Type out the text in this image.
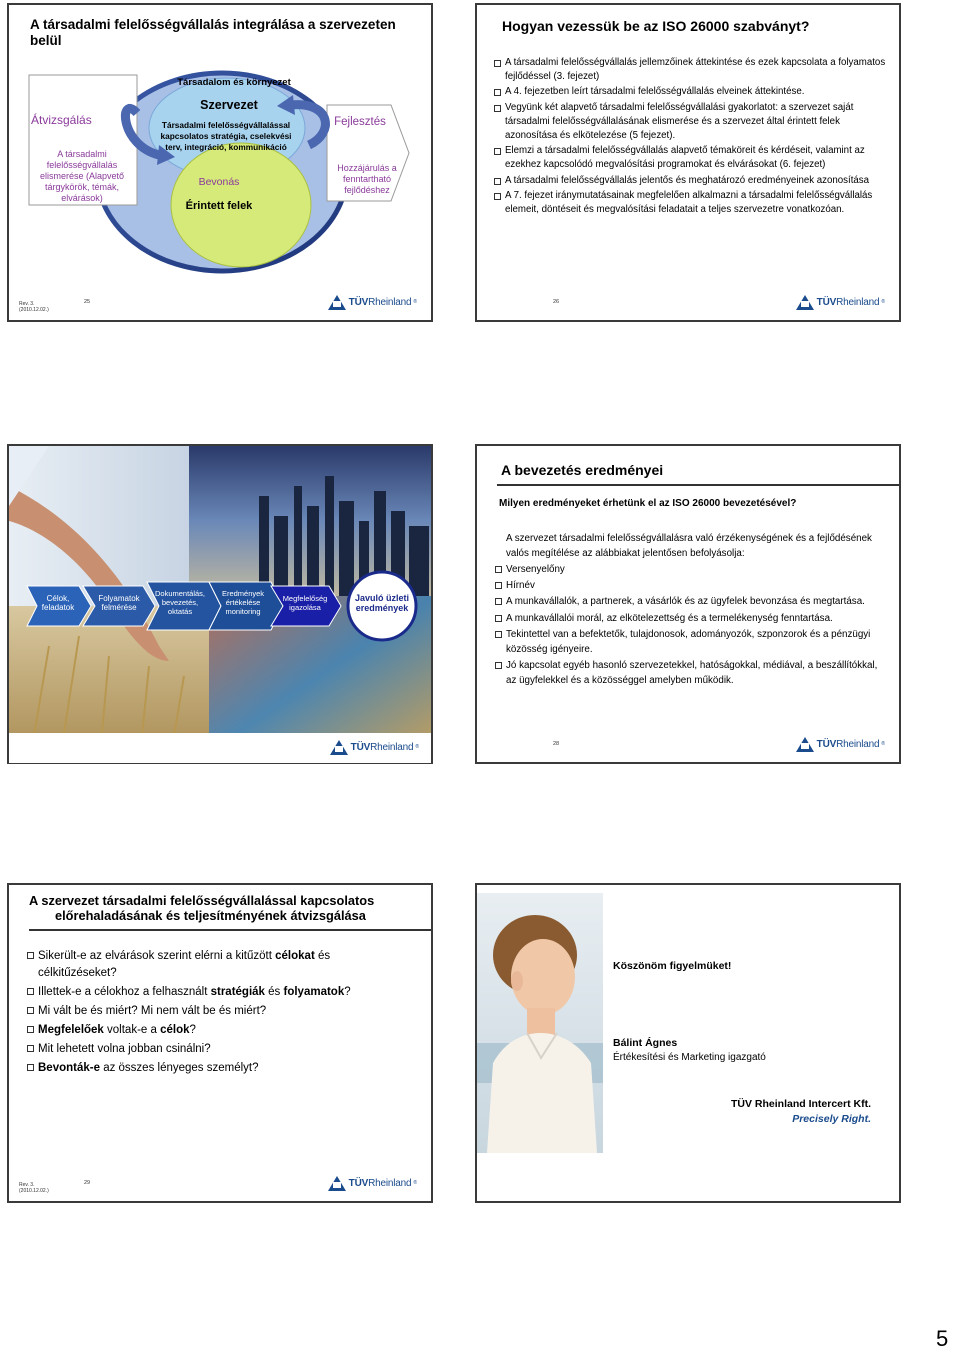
A társadalmi felelősségvállalás integrálása a szervezeten belül
Társadalom és környezet
Szervezet
Társadalmi felelősségvállalással kapcsolatos stratégia, cselekvési terv, integráció, kommunikáció
Bevonás
Érintett felek
Átvizsgálás
A társadalmi felelősségvállalás elismerése (Alapvető tárgykörök, témák, elvárások)
Fejlesztés
Hozzájárulás a fenntartható fejlődéshez
Rev. 3.
(2010.12.02.)
25	TÜVRheinland ®
Hogyan vezessük be az ISO 26000 szabványt?
A társadalmi felelősségvállalás jellemzőinek áttekintése és ezek kapcsolata a folyamatos fejlődéssel (3. fejezet)
A 4. fejezetben leírt társadalmi felelősségvállalás elveinek áttekintése.
Vegyünk két alapvető társadalmi felelősségvállalási gyakorlatot: a szervezet saját társadalmi felelősségvállalásának elismerése és a szervezet által érintett felek azonosítása és elkötelezése (5 fejezet).
Elemzi a társadalmi felelősségvállalás alapvető témaköreit és kérdéseit, valamint az ezekhez kapcsolódó megvalósítási programokat és elvárásokat (6. fejezet)
A társadalmi felelősségvállalás jelentős és meghatározó eredményeinek azonosítása
A 7. fejezet iránymutatásainak megfelelően alkalmazni a társadalmi felelősségvállalás elemeit, döntéseit és megvalósítási feladatait a teljes szervezetre vonatkozóan.
26	TÜVRheinland ®
Célok, feladatok
Folyamatok felmérése
Dokumentálás, bevezetés, oktatás
Eredmények értékelése monitoring
Megfelelőség igazolása
Javuló üzleti eredmények
A bevezetés eredményei
Milyen eredményeket érhetünk el az ISO 26000 bevezetésével?
A szervezet társadalmi felelősségvállalásra való érzékenységének és a fejlődésének valós megítélése az alábbiakat jelentősen befolyásolja:
Versenyelőny
Hírnév
A munkavállalók, a partnerek, a vásárlók és az ügyfelek bevonzása és megtartása.
A munkavállalói morál, az elkötelezettség és a termelékenység fenntartása.
Tekintettel van a befektetők, tulajdonosok, adományozók, szponzorok és a pénzügyi közösség igényeire.
Jó kapcsolat egyéb hasonló szervezetekkel, hatóságokkal, médiával, a beszállítókkal, az ügyfelekkel és a közösséggel amelyben működik.
28	TÜVRheinland ®
TÜVRheinland ®
A szervezet társadalmi felelősségvállalással kapcsolatos
előrehaladásának és teljesítményének átvizsgálása
Sikerült-e az elvárások szerint elérni a kitűzött célokat és célkitűzéseket?
Illettek-e a célokhoz a felhasznált stratégiák és folyamatok?
Mi vált be és miért? Mi nem vált be és miért?
Megfelelőek voltak-e a célok?
Mit lehetett volna jobban csinálni?
Bevonták-e az összes lényeges személyt?
Rev. 3.
(2010.12.02.)
29	TÜVRheinland ®
Köszönöm figyelmüket!
Bálint Ágnes
Értékesítési és Marketing igazgató
TÜV Rheinland Intercert Kft.
Precisely Right.
5
